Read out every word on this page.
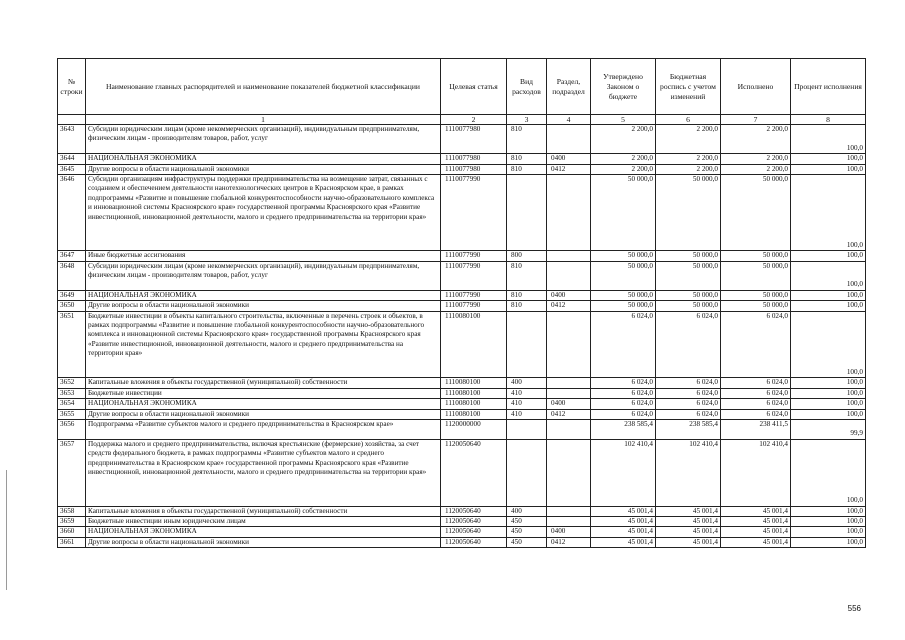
№ строки	Наименование главных распорядителей и наименование показателей бюджетной классификации	Целевая статья	Вид расходов	Раздел, подраздел	Утверждено Законом о бюджете	Бюджетная роспись с учетом изменений	Исполнено	Процент исполнения
	1	2	3	4	5	6	7	8
3643	Субсидии юридическим лицам (кроме некоммерческих организаций), индивидуальным предпринимателям, физическим лицам - производителям товаров, работ, услуг	1110077980	810		2 200,0	2 200,0	2 200,0	100,0
3644	НАЦИОНАЛЬНАЯ ЭКОНОМИКА	1110077980	810	0400	2 200,0	2 200,0	2 200,0	100,0
3645	Другие вопросы в области национальной экономики	1110077980	810	0412	2 200,0	2 200,0	2 200,0	100,0
3646	Субсидии организациям инфраструктуры поддержки предпринимательства на возмещение затрат, связанных с созданием и обеспечением деятельности нанотехнологических центров в Красноярском крае, в рамках подпрограммы «Развитие и повышение глобальной конкурентоспособности научно-образовательного комплекса и инновационной системы Красноярского края» государственной программы Красноярского края «Развитие инвестиционной, инновационной деятельности, малого и среднего предпринимательства на территории края»	1110077990			50 000,0	50 000,0	50 000,0	100,0
3647	Иные бюджетные ассигнования	1110077990	800		50 000,0	50 000,0	50 000,0	100,0
3648	Субсидии юридическим лицам (кроме некоммерческих организаций), индивидуальным предпринимателям, физическим лицам - производителям товаров, работ, услуг	1110077990	810		50 000,0	50 000,0	50 000,0	100,0
3649	НАЦИОНАЛЬНАЯ ЭКОНОМИКА	1110077990	810	0400	50 000,0	50 000,0	50 000,0	100,0
3650	Другие вопросы в области национальной экономики	1110077990	810	0412	50 000,0	50 000,0	50 000,0	100,0
3651	Бюджетные инвестиции в объекты капитального строительства, включенные в перечень строек и объектов, в рамках подпрограммы «Развитие и повышение глобальной конкурентоспособности научно-образовательного комплекса и инновационной системы Красноярского края» государственной программы Красноярского края «Развитие инвестиционной, инновационной деятельности, малого и среднего предпринимательства на территории края»	1110080100			6 024,0	6 024,0	6 024,0	100,0
3652	Капитальные вложения в объекты государственной (муниципальной) собственности	1110080100	400		6 024,0	6 024,0	6 024,0	100,0
3653	Бюджетные инвестиции	1110080100	410		6 024,0	6 024,0	6 024,0	100,0
3654	НАЦИОНАЛЬНАЯ ЭКОНОМИКА	1110080100	410	0400	6 024,0	6 024,0	6 024,0	100,0
3655	Другие вопросы в области национальной экономики	1110080100	410	0412	6 024,0	6 024,0	6 024,0	100,0
3656	Подпрограмма «Развитие субъектов малого и среднего предпринимательства в Красноярском крае»	1120000000			238 585,4	238 585,4	238 411,5	99,9
3657	Поддержка малого и среднего предпринимательства, включая крестьянские (фермерские) хозяйства, за счет средств федерального бюджета, в рамках подпрограммы «Развитие субъектов малого и среднего предпринимательства в Красноярском крае» государственной программы Красноярского края «Развитие инвестиционной, инновационной деятельности, малого и среднего предпринимательства на территории края»	1120050640			102 410,4	102 410,4	102 410,4	100,0
3658	Капитальные вложения в объекты государственной (муниципальной) собственности	1120050640	400		45 001,4	45 001,4	45 001,4	100,0
3659	Бюджетные инвестиции иным юридическим лицам	1120050640	450		45 001,4	45 001,4	45 001,4	100,0
3660	НАЦИОНАЛЬНАЯ ЭКОНОМИКА	1120050640	450	0400	45 001,4	45 001,4	45 001,4	100,0
3661	Другие вопросы в области национальной экономики	1120050640	450	0412	45 001,4	45 001,4	45 001,4	100,0
556
